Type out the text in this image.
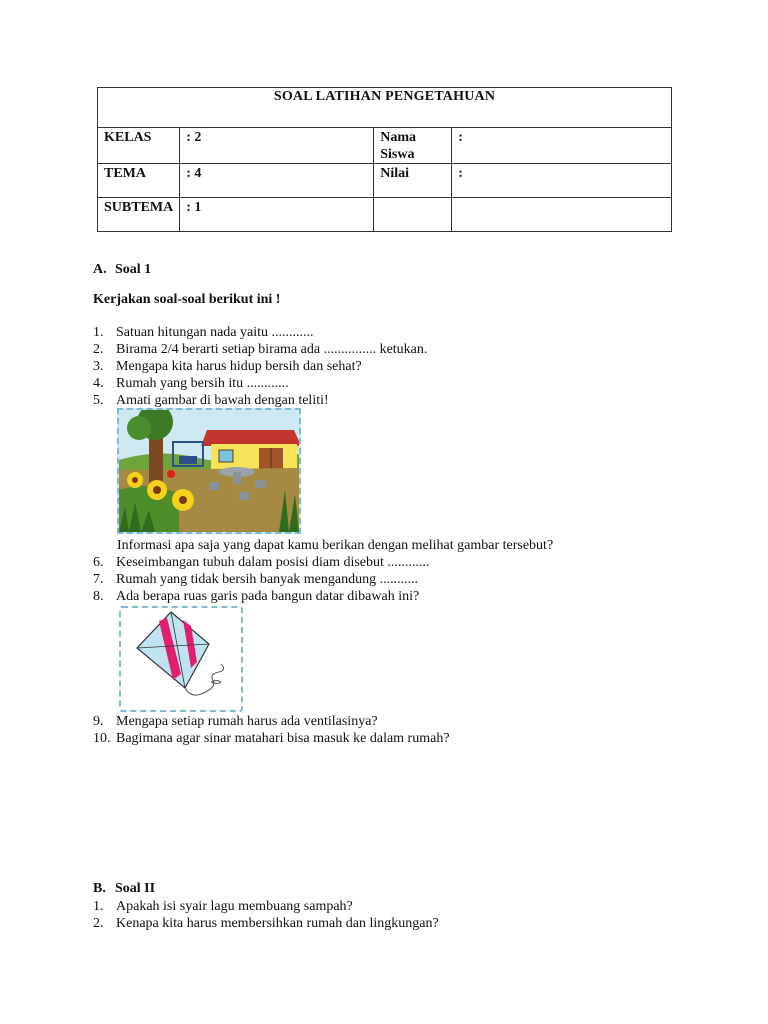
SOAL LATIHAN PENGETAHUAN			

KELAS	: 2	Nama Siswa	:

TEMA	: 4	Nilai	:

SUBTEMA	: 1		

A. Soal 1
Kerjakan soal-soal berikut ini !
1. Satuan hitungan nada yaitu ............
2. Birama 2/4 berarti setiap birama ada ............... ketukan.
3. Mengapa kita harus hidup bersih dan sehat?
4. Rumah yang bersih itu ............
5. Amati gambar di bawah dengan teliti!
Informasi apa saja yang dapat kamu berikan dengan melihat gambar tersebut?
6. Keseimbangan tubuh dalam posisi diam disebut ............
7. Rumah yang tidak bersih banyak mengandung ...........
8. Ada berapa ruas garis pada bangun datar dibawah ini?
9. Mengapa setiap rumah harus ada ventilasinya?
10. Bagimana agar sinar matahari bisa masuk ke dalam rumah?
B. Soal II
1. Apakah isi syair lagu membuang sampah?
2. Kenapa kita harus membersihkan rumah dan lingkungan?
